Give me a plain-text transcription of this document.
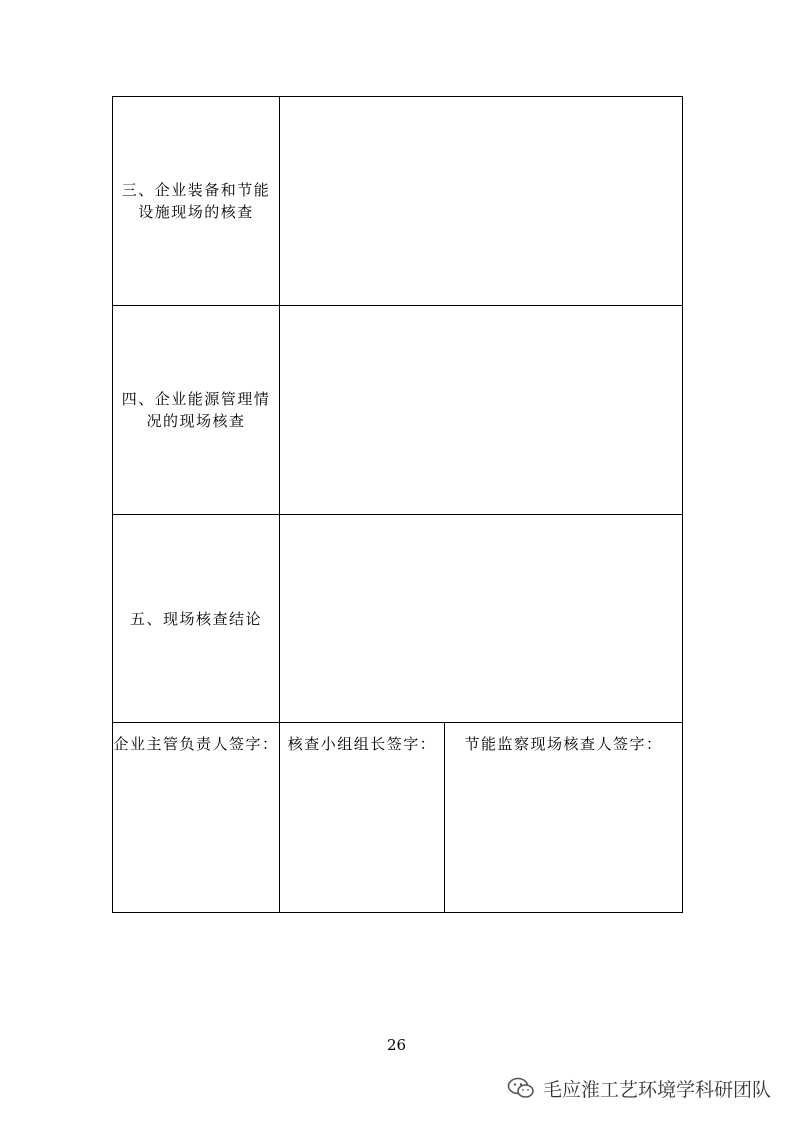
三、企业装备和节能设施现场的核查		

四、企业能源管理情况的现场核查		

五、现场核查结论		

企业主管负责人签字：	核查小组组长签字：	节能监察现场核查人签字：
26
毛应淮工艺环境学科研团队
